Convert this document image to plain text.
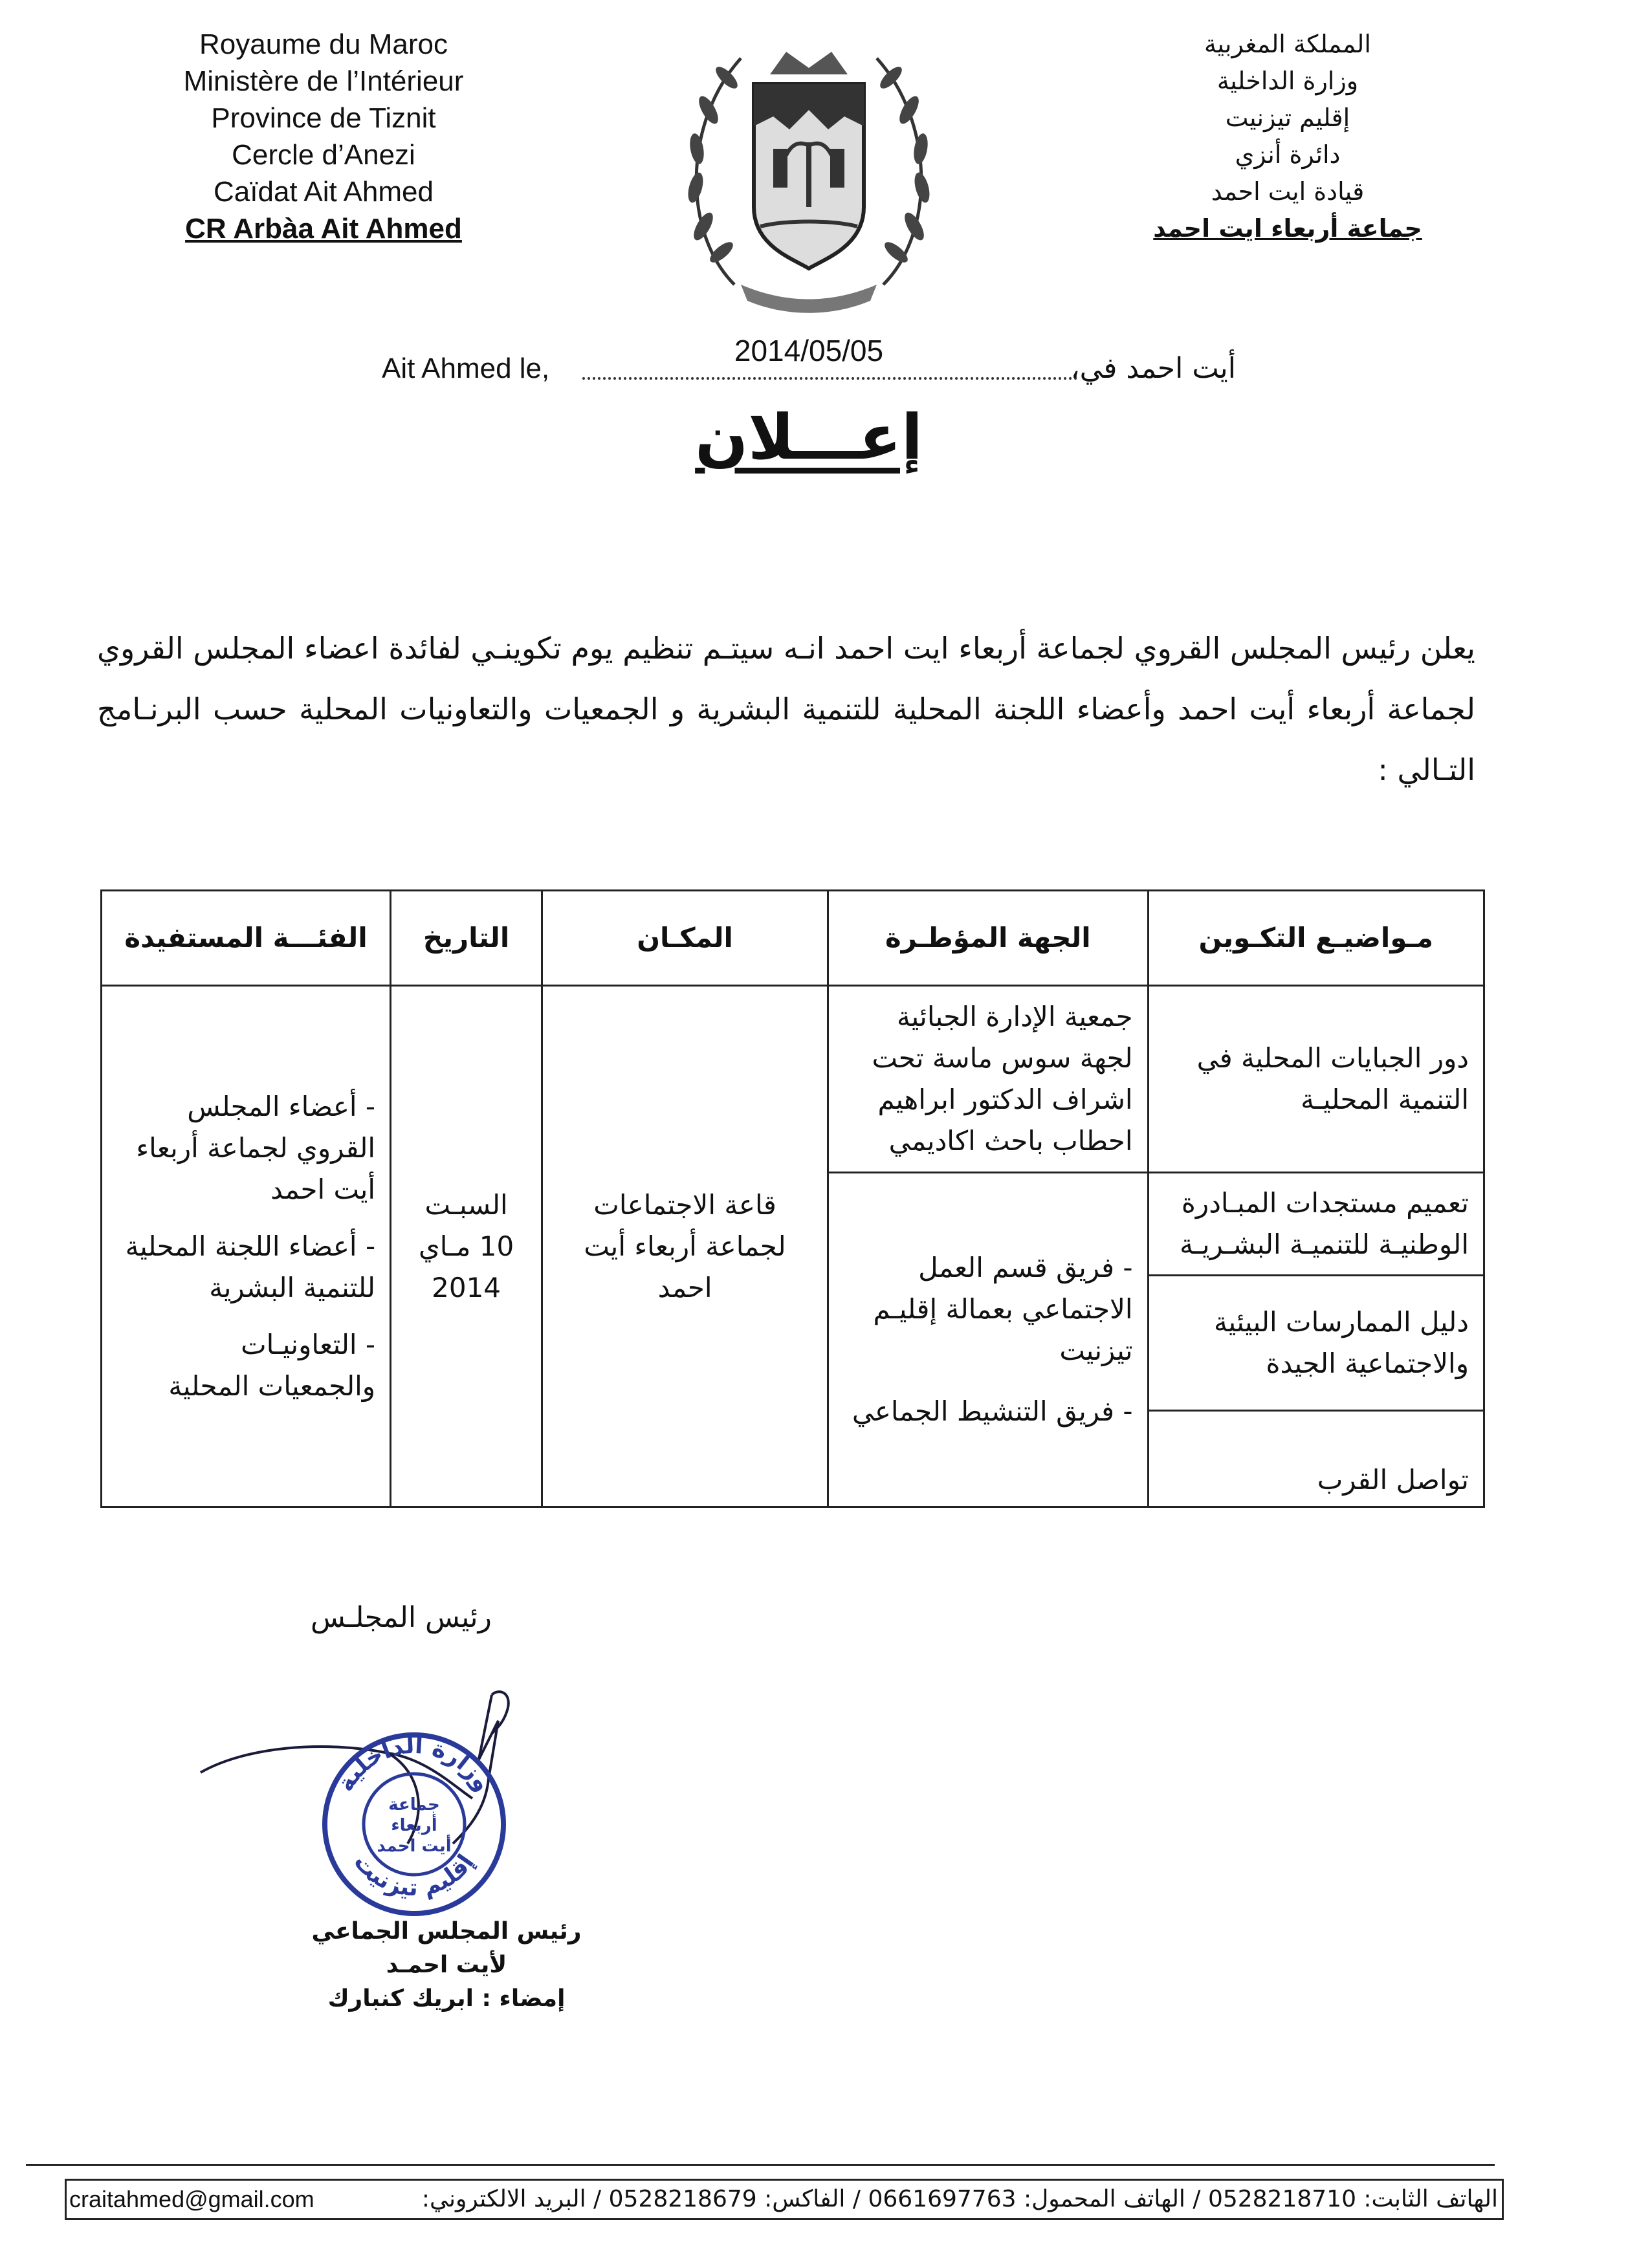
Royaume du Maroc
Ministère de l’Intérieur
Province de Tiznit
Cercle d’Anezi
Caïdat Ait Ahmed
CR Arbàa Ait Ahmed
المملكة المغربية
وزارة الداخلية
إقليم تيزنيت
دائرة أنزي
قيادة ايت احمد
جماعة أربعاء ايت احمد
Ait Ahmed le,
2014/05/05
أيت احمد في،
إعـــلان
يعلن رئيس المجلس القروي لجماعة أربعاء ايت احمد انـه سيتـم تنظيم يوم تكوينـي لفائدة اعضاء المجلس القروي لجماعة أربعاء أيت احمد وأعضاء اللجنة المحلية للتنمية البشرية و الجمعيات والتعاونيات المحلية حسب البرنـامج التـالي :
مـواضيـع التكـوين	الجهة المؤطـرة	المكـان	التاريخ	الفئـــة المستفيدة
دور الجبايات المحلية في التنمية المحليـة	جمعية الإدارة الجبائية لجهة سوس ماسة تحت اشراف الدكتور ابراهيم احطاب باحث اكاديمي	قاعة الاجتماعات لجماعة أربعاء أيت احمد	السبـت 10 مـاي 2014	- أعضاء المجلس القروي لجماعة أربعاء أيت احمد
- أعضاء اللجنة المحلية للتنمية البشرية
- التعاونيـات والجمعيات المحلية

تعميم مستجدات المبـادرة الوطنيـة للتنميـة البشـريـة	- فريق قسم العمل الاجتماعي بعمالة إقليـم تيزنيت
- فريق التنشيط الجماعي			

دليل الممارسات البيئية والاجتماعية الجيدة				
تواصل القرب				
رئيس المجلـس
وزارة الداخلية
إقليم تيزنيت
جماعة
أربعاء
أيت احمد
رئيس المجلس الجماعي
لأيت احمـد
إمضاء : ابريك كنبارك
craitahmed@gmail.com	الهاتف الثابت: 0528218710 / الهاتف المحمول: 0661697763 / الفاكس: 0528218679 / البريد الالكتروني:
